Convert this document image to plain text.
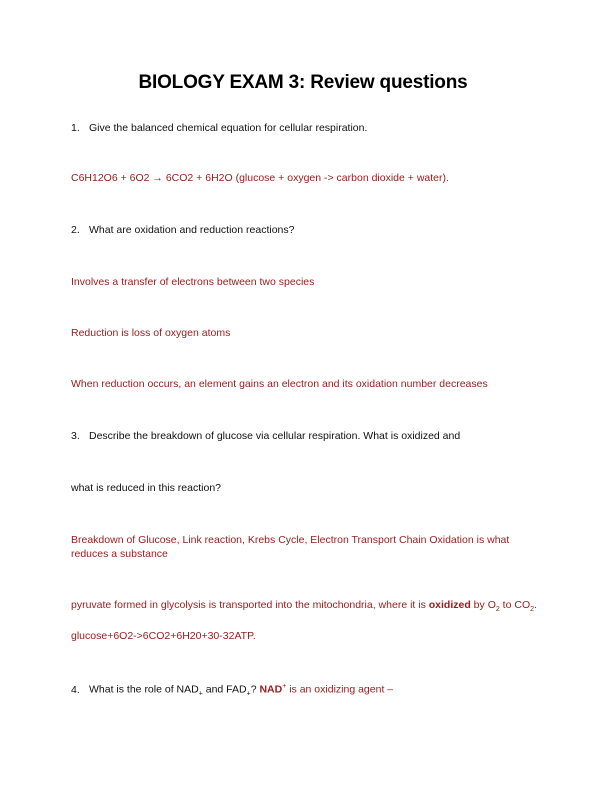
BIOLOGY EXAM 3: Review questions
1. Give the balanced chemical equation for cellular respiration.
C6H12O6 + 6O2 → 6CO2 + 6H2O (glucose + oxygen -> carbon dioxide + water).
2. What are oxidation and reduction reactions?
Involves a transfer of electrons between two species
Reduction is loss of oxygen atoms
When reduction occurs, an element gains an electron and its oxidation number decreases
3. Describe the breakdown of glucose via cellular respiration. What is oxidized and
what is reduced in this reaction?
Breakdown of Glucose, Link reaction, Krebs Cycle, Electron Transport Chain Oxidation is what reduces a substance
pyruvate formed in glycolysis is transported into the mitochondria, where it is oxidized by $O_2$ to $CO_2$.
glucose+6O2->6CO2+6H20+30-32ATP.
4. What is the role of $NAD_+$ and $FAD_+$? NAD+ is an oxidizing agent –
